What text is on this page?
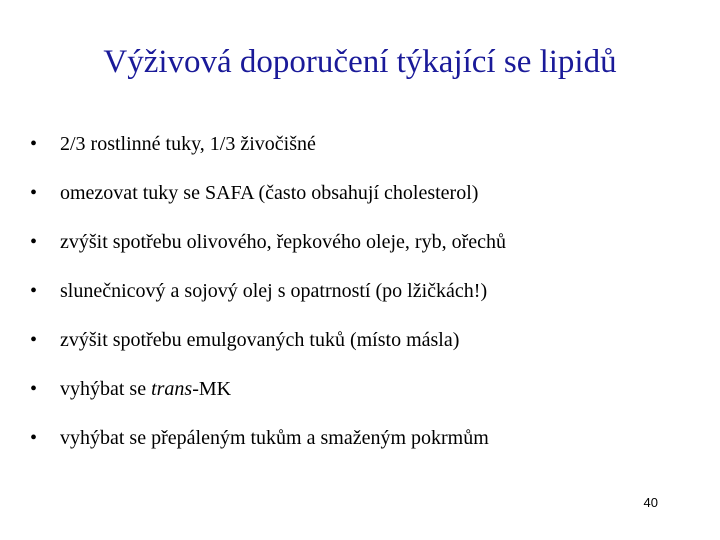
Výživová doporučení týkající se lipidů
•	2/3 rostlinné tuky, 1/3 živočišné
•	omezovat tuky se SAFA (často obsahují cholesterol)
•	zvýšit spotřebu olivového, řepkového oleje, ryb, ořechů
•	slunečnicový a sojový olej s opatrností (po lžičkách!)
•	zvýšit spotřebu emulgovaných tuků (místo másla)
•	vyhýbat se trans-MK
•	vyhýbat se přepáleným tukům a smaženým pokrmům
40
